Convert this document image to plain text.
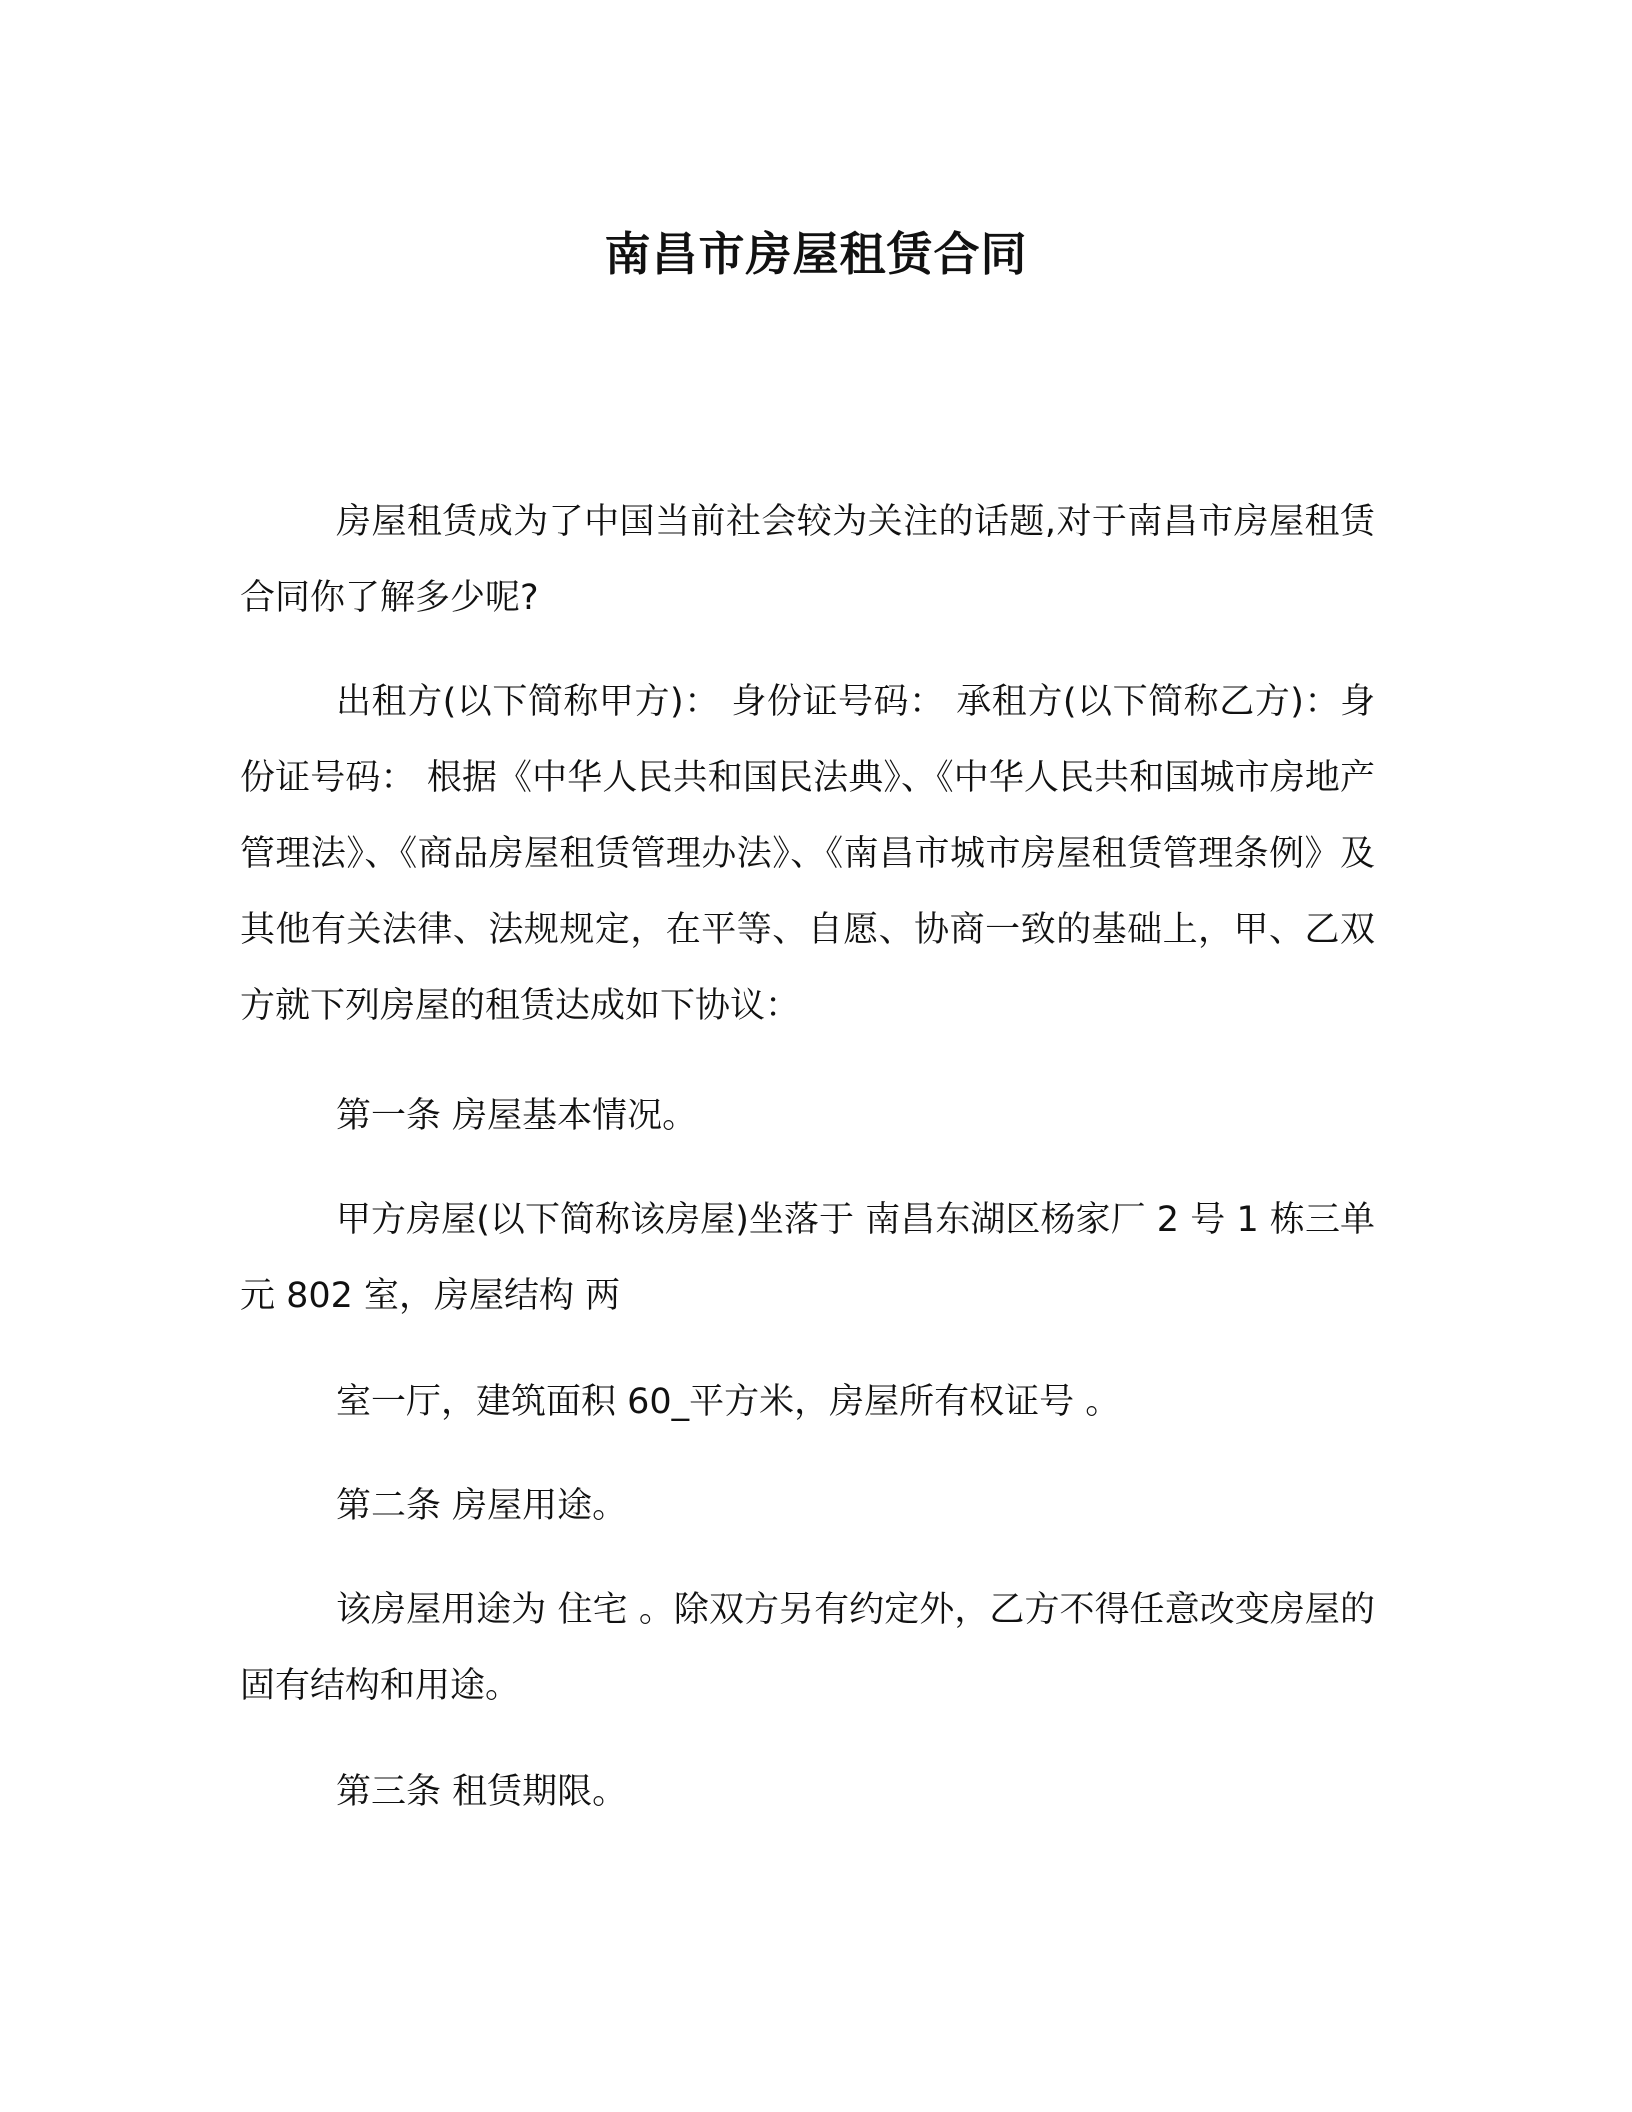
南昌市房屋租赁合同

房屋租赁成为了中国当前社会较为关注的话题,对于南昌市房屋租赁合同你了解多少呢?

出租方(以下简称甲方)： 身份证号码： 承租方(以下简称乙方)：身份证号码： 根据《中华人民共和国民法典》、《中华人民共和国城市房地产管理法》、《商品房屋租赁管理办法》、《南昌市城市房屋租赁管理条例》及其他有关法律、法规规定，在平等、自愿、协商一致的基础上，甲、乙双方就下列房屋的租赁达成如下协议：

第一条 房屋基本情况。

甲方房屋(以下简称该房屋)坐落于 南昌东湖区杨家厂 2 号 1 栋三单元 802 室，房屋结构 两

室一厅，建筑面积 60_平方米，房屋所有权证号 。

第二条 房屋用途。

该房屋用途为 住宅 。除双方另有约定外，乙方不得任意改变房屋的固有结构和用途。

第三条 租赁期限。
